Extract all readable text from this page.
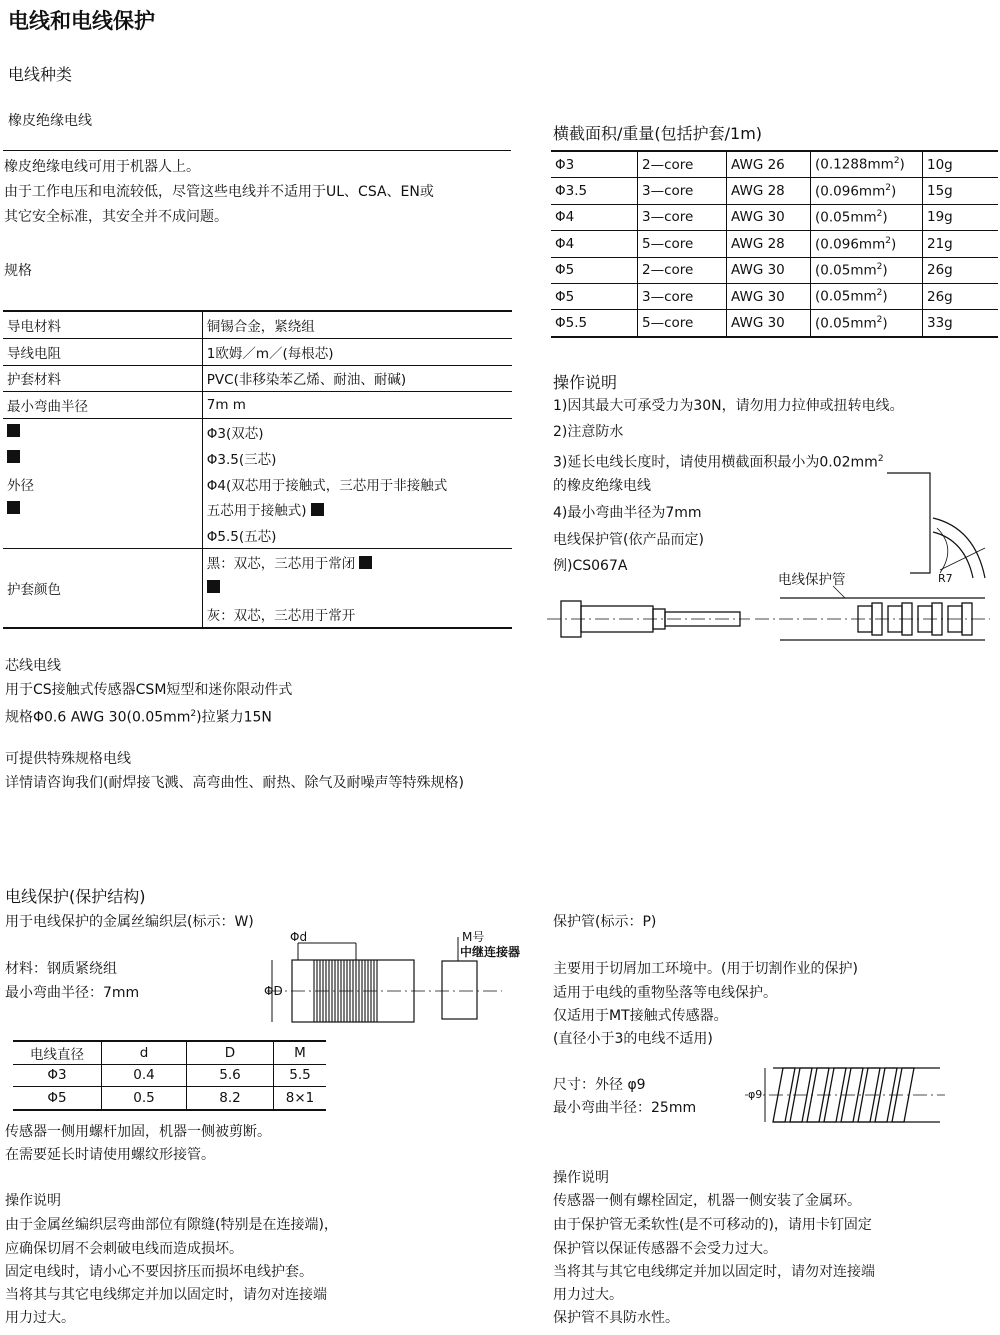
电线和电线保护
电线种类
橡皮绝缘电线
橡皮绝缘电线可用于机器人上。
由于工作电压和电流较低，尽管这些电线并不适用于UL、CSA、EN或
其它安全标准，其安全并不成问题。
规格
导电材料	铜锡合金，紧绕组
导线电阻	1欧姆／m／(每根芯)
护套材料	PVC(非移染苯乙烯、耐油、耐碱)
最小弯曲半径	7m m
	Φ3(双芯)
	Φ3.5(三芯)
外径	Φ4(双芯用于接触式，三芯用于非接触式
	五芯用于接触式)
	Φ5.5(五芯)
	黑：双芯，三芯用于常闭
护套颜色	
	灰：双芯，三芯用于常开
芯线电线
用于CS接触式传感器CSM短型和迷你限动件式
规格Φ0.6 AWG $30(0.05mm^2)$拉紧力15N
可提供特殊规格电线
详情请咨询我们(耐焊接飞溅、高弯曲性、耐热、除气及耐噪声等特殊规格)
横截面积/重量(包括护套/1m)
Φ3	2—core	AWG 26	$(0.1288mm^2)$	10g
Φ3.5	3—core	AWG 28	$(0.096mm^2)$	15g
Φ4	3—core	AWG 30	$(0.05mm^2)$	19g
Φ4	5—core	AWG 28	$(0.096mm^2)$	21g
Φ5	2—core	AWG 30	$(0.05mm^2)$	26g
Φ5	3—core	AWG 30	$(0.05mm^2)$	26g
Φ5.5	5—core	AWG 30	$(0.05mm^2)$	33g
操作说明
1)因其最大可承受力为30N，请勿用力拉伸或扭转电线。
2)注意防水
3)延长电线长度时，请使用横截面积最小为$0.02mm^2$
的橡皮绝缘电线
4)最小弯曲半径为7mm
电线保护管(依产品而定)
例)CS067A
电线保护管	R7
电线保护(保护结构)
用于电线保护的金属丝编织层(标示：W)
材料：钢质紧绕组
最小弯曲半径：7mm
Φd
ΦD
M号
中继连接器
电线直径	d	D	M
Φ3	0.4	5.6	5.5
Φ5	0.5	8.2	8×1
传感器一侧用螺杆加固，机器一侧被剪断。
在需要延长时请使用螺纹形接管。
操作说明
由于金属丝编织层弯曲部位有隙缝(特别是在连接端)，
应确保切屑不会刺破电线而造成损坏。
固定电线时，请小心不要因挤压而损坏电线护套。
当将其与其它电线绑定并加以固定时，请勿对连接端
用力过大。
保护管(标示：P)
主要用于切屑加工环境中。(用于切割作业的保护)
适用于电线的重物坠落等电线保护。
仅适用于MT接触式传感器。
(直径小于3的电线不适用)
尺寸：外径 φ9
最小弯曲半径：25mm
φ9
操作说明
传感器一侧有螺栓固定，机器一侧安装了金属环。
由于保护管无柔软性(是不可移动的)，请用卡钉固定
保护管以保证传感器不会受力过大。
当将其与其它电线绑定并加以固定时，请勿对连接端
用力过大。
保护管不具防水性。
